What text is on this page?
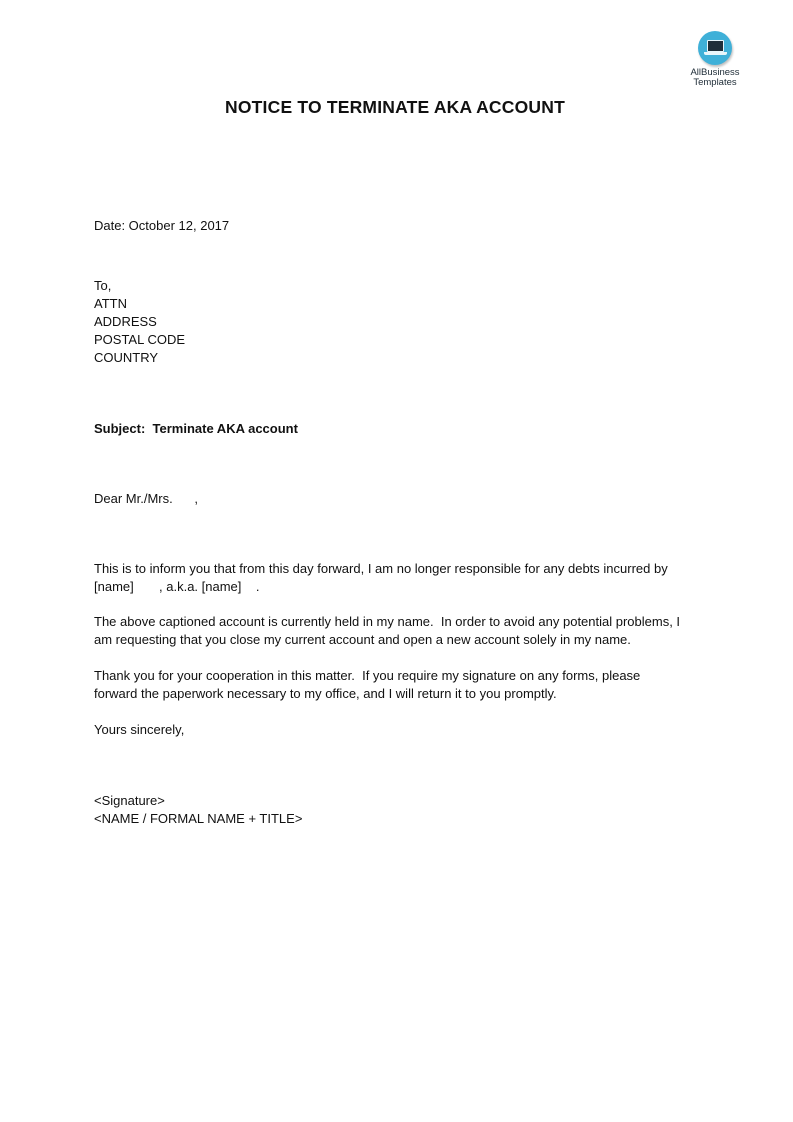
AllBusiness
Templates
NOTICE TO TERMINATE AKA ACCOUNT
Date: October 12, 2017
To,
ATTN
ADDRESS
POSTAL CODE
COUNTRY
Subject:  Terminate AKA account
Dear Mr./Mrs.      ,
This is to inform you that from this day forward, I am no longer responsible for any debts incurred by
[name]       , a.k.a. [name]    .
The above captioned account is currently held in my name.  In order to avoid any potential problems, I
am requesting that you close my current account and open a new account solely in my name.
Thank you for your cooperation in this matter.  If you require my signature on any forms, please
forward the paperwork necessary to my office, and I will return it to you promptly.
Yours sincerely,
<Signature>
<NAME / FORMAL NAME + TITLE>
